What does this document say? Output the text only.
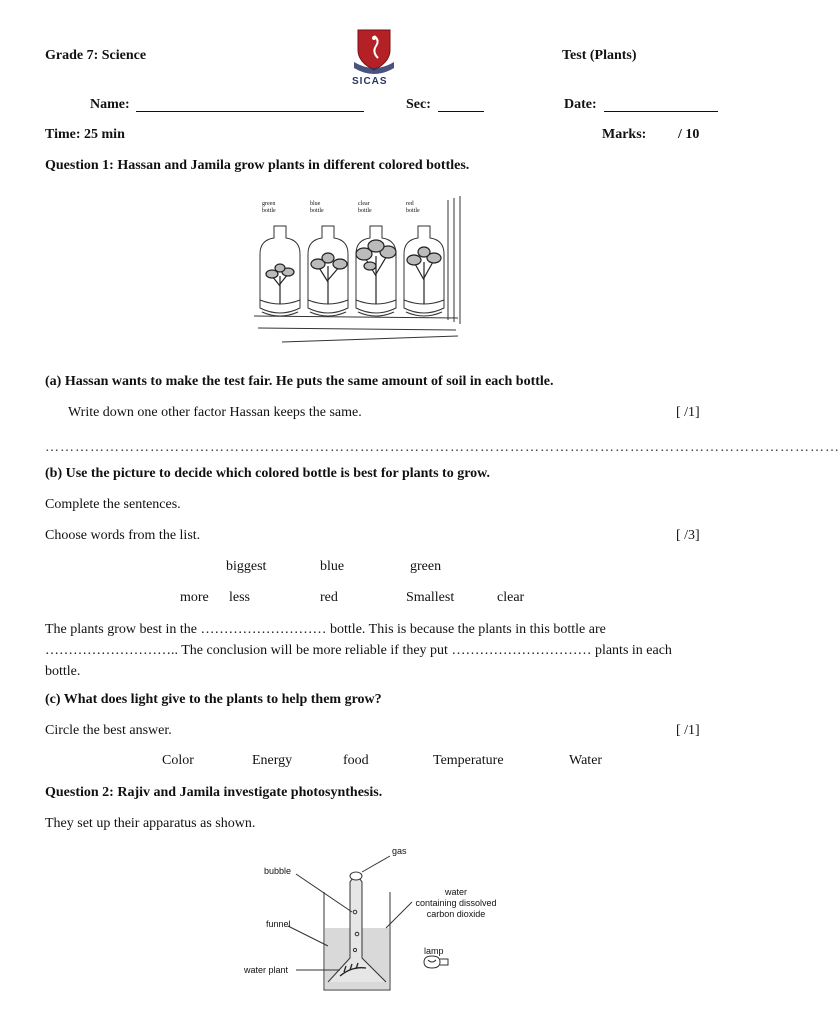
Grade 7: Science
SICAS
Test (Plants)
Name:	Sec:	Date:
Time: 25 min	Marks: / 10
Question 1: Hassan and Jamila grow plants in different colored bottles.
green
bottle
blue
bottle
clear
bottle
red
bottle
(a) Hassan wants to make the test fair. He puts the same amount of soil in each bottle.
Write down one other factor Hassan keeps the same.	[ /1]
……………………………………………………………………………………………………………………………………………
(b) Use the picture to decide which colored bottle is best for plants to grow.
Complete the sentences.
Choose words from the list.	[ /3]
biggest	blue	green
more less	red	Smallest	clear
The plants grow best in the ……………………… bottle. This is because the plants in this bottle are ……………………….. The conclusion will be more reliable if they put ………………………… plants in each bottle.
(c) What does light give to the plants to help them grow?
Circle the best answer.	[ /1]
Color	Energy	food	Temperature	Water
Question 2: Rajiv and Jamila investigate photosynthesis.
They set up their apparatus as shown.
gas
bubble
funnel
water plant
water
containing dissolved
carbon dioxide
lamp
